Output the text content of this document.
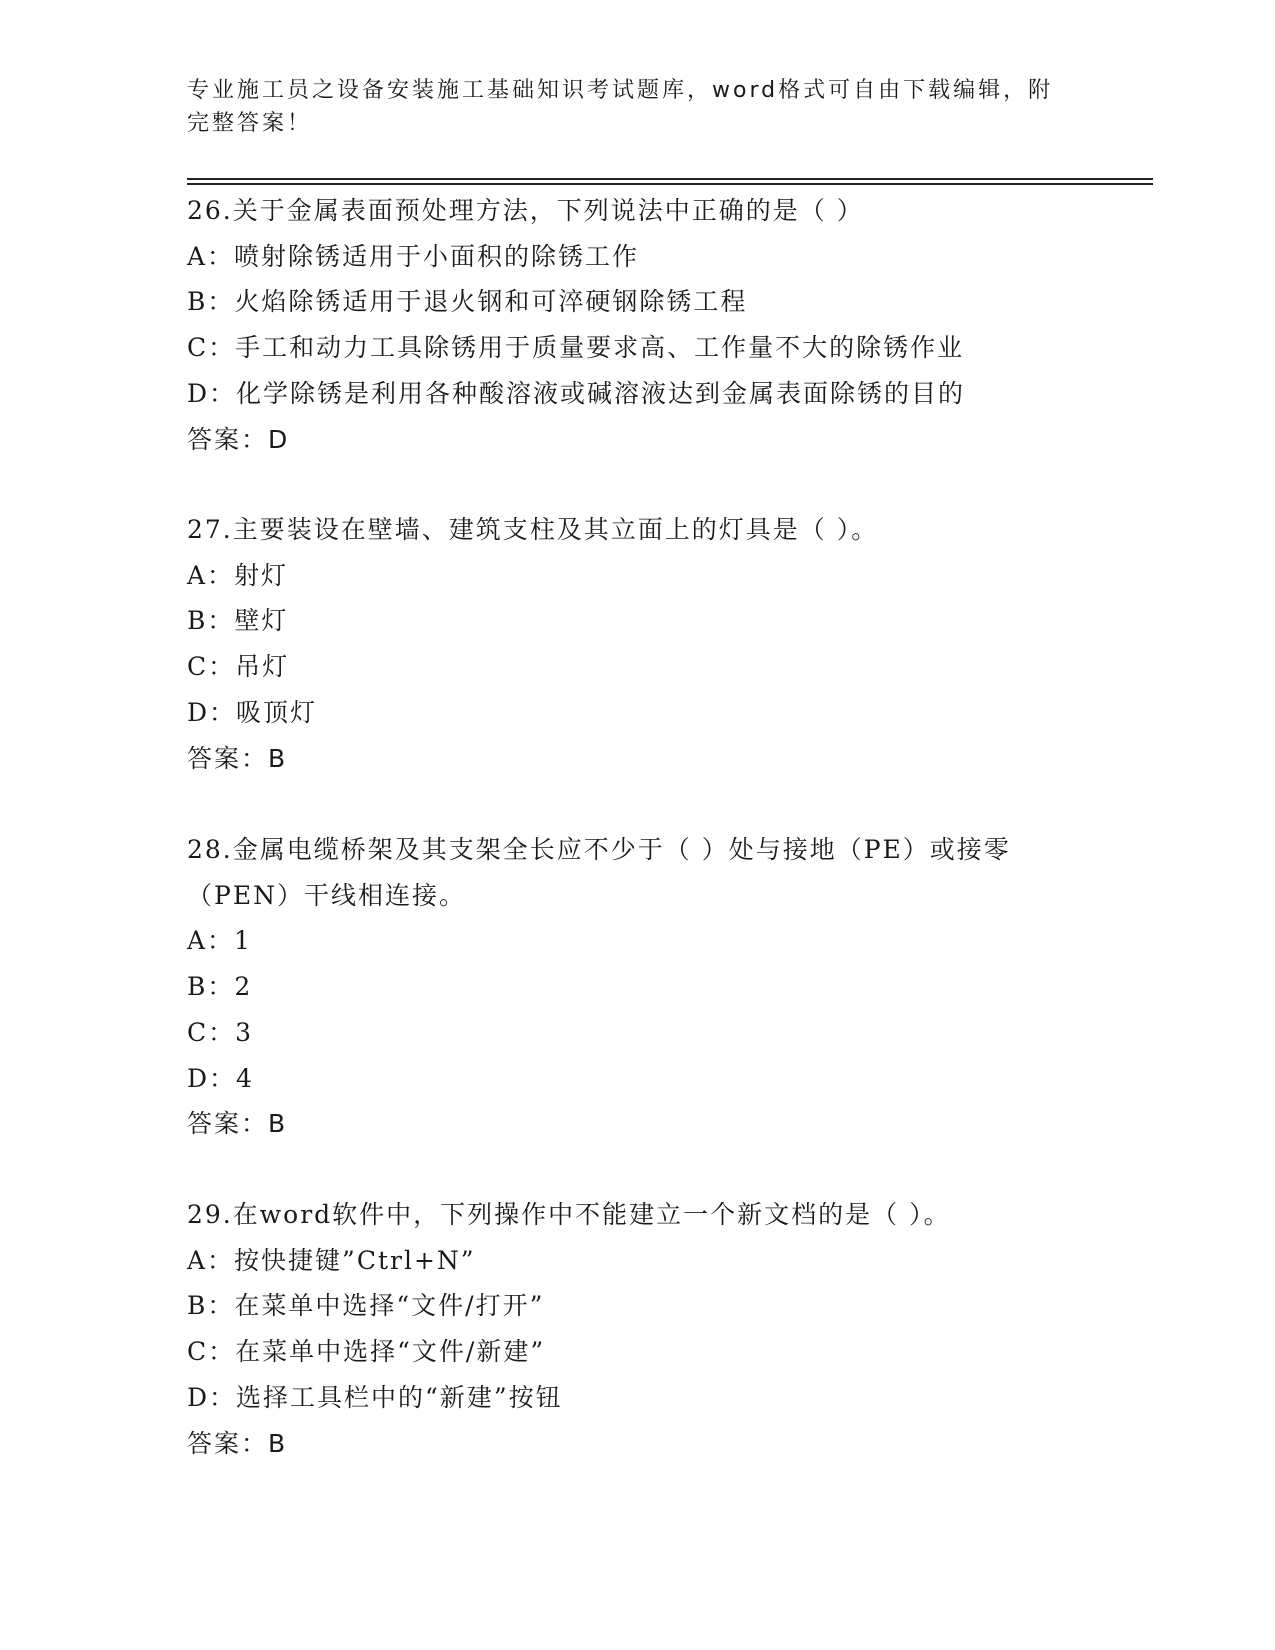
专业施工员之设备安装施工基础知识考试题库，word格式可自由下载编辑，附完整答案！
26.关于金属表面预处理方法，下列说法中正确的是（ ）
A：喷射除锈适用于小面积的除锈工作
B：火焰除锈适用于退火钢和可淬硬钢除锈工程
C：手工和动力工具除锈用于质量要求高、工作量不大的除锈作业
D：化学除锈是利用各种酸溶液或碱溶液达到金属表面除锈的目的
答案：D
27.主要装设在壁墙、建筑支柱及其立面上的灯具是（ ）。
A：射灯
B：壁灯
C：吊灯
D：吸顶灯
答案：B
28.金属电缆桥架及其支架全长应不少于（ ）处与接地（PE）或接零（PEN）干线相连接。
A：1
B：2
C：3
D：4
答案：B
29.在word软件中，下列操作中不能建立一个新文档的是（ ）。
A：按快捷键”Ctrl+N”
B：在菜单中选择“文件/打开”
C：在菜单中选择“文件/新建”
D：选择工具栏中的“新建”按钮
答案：B
